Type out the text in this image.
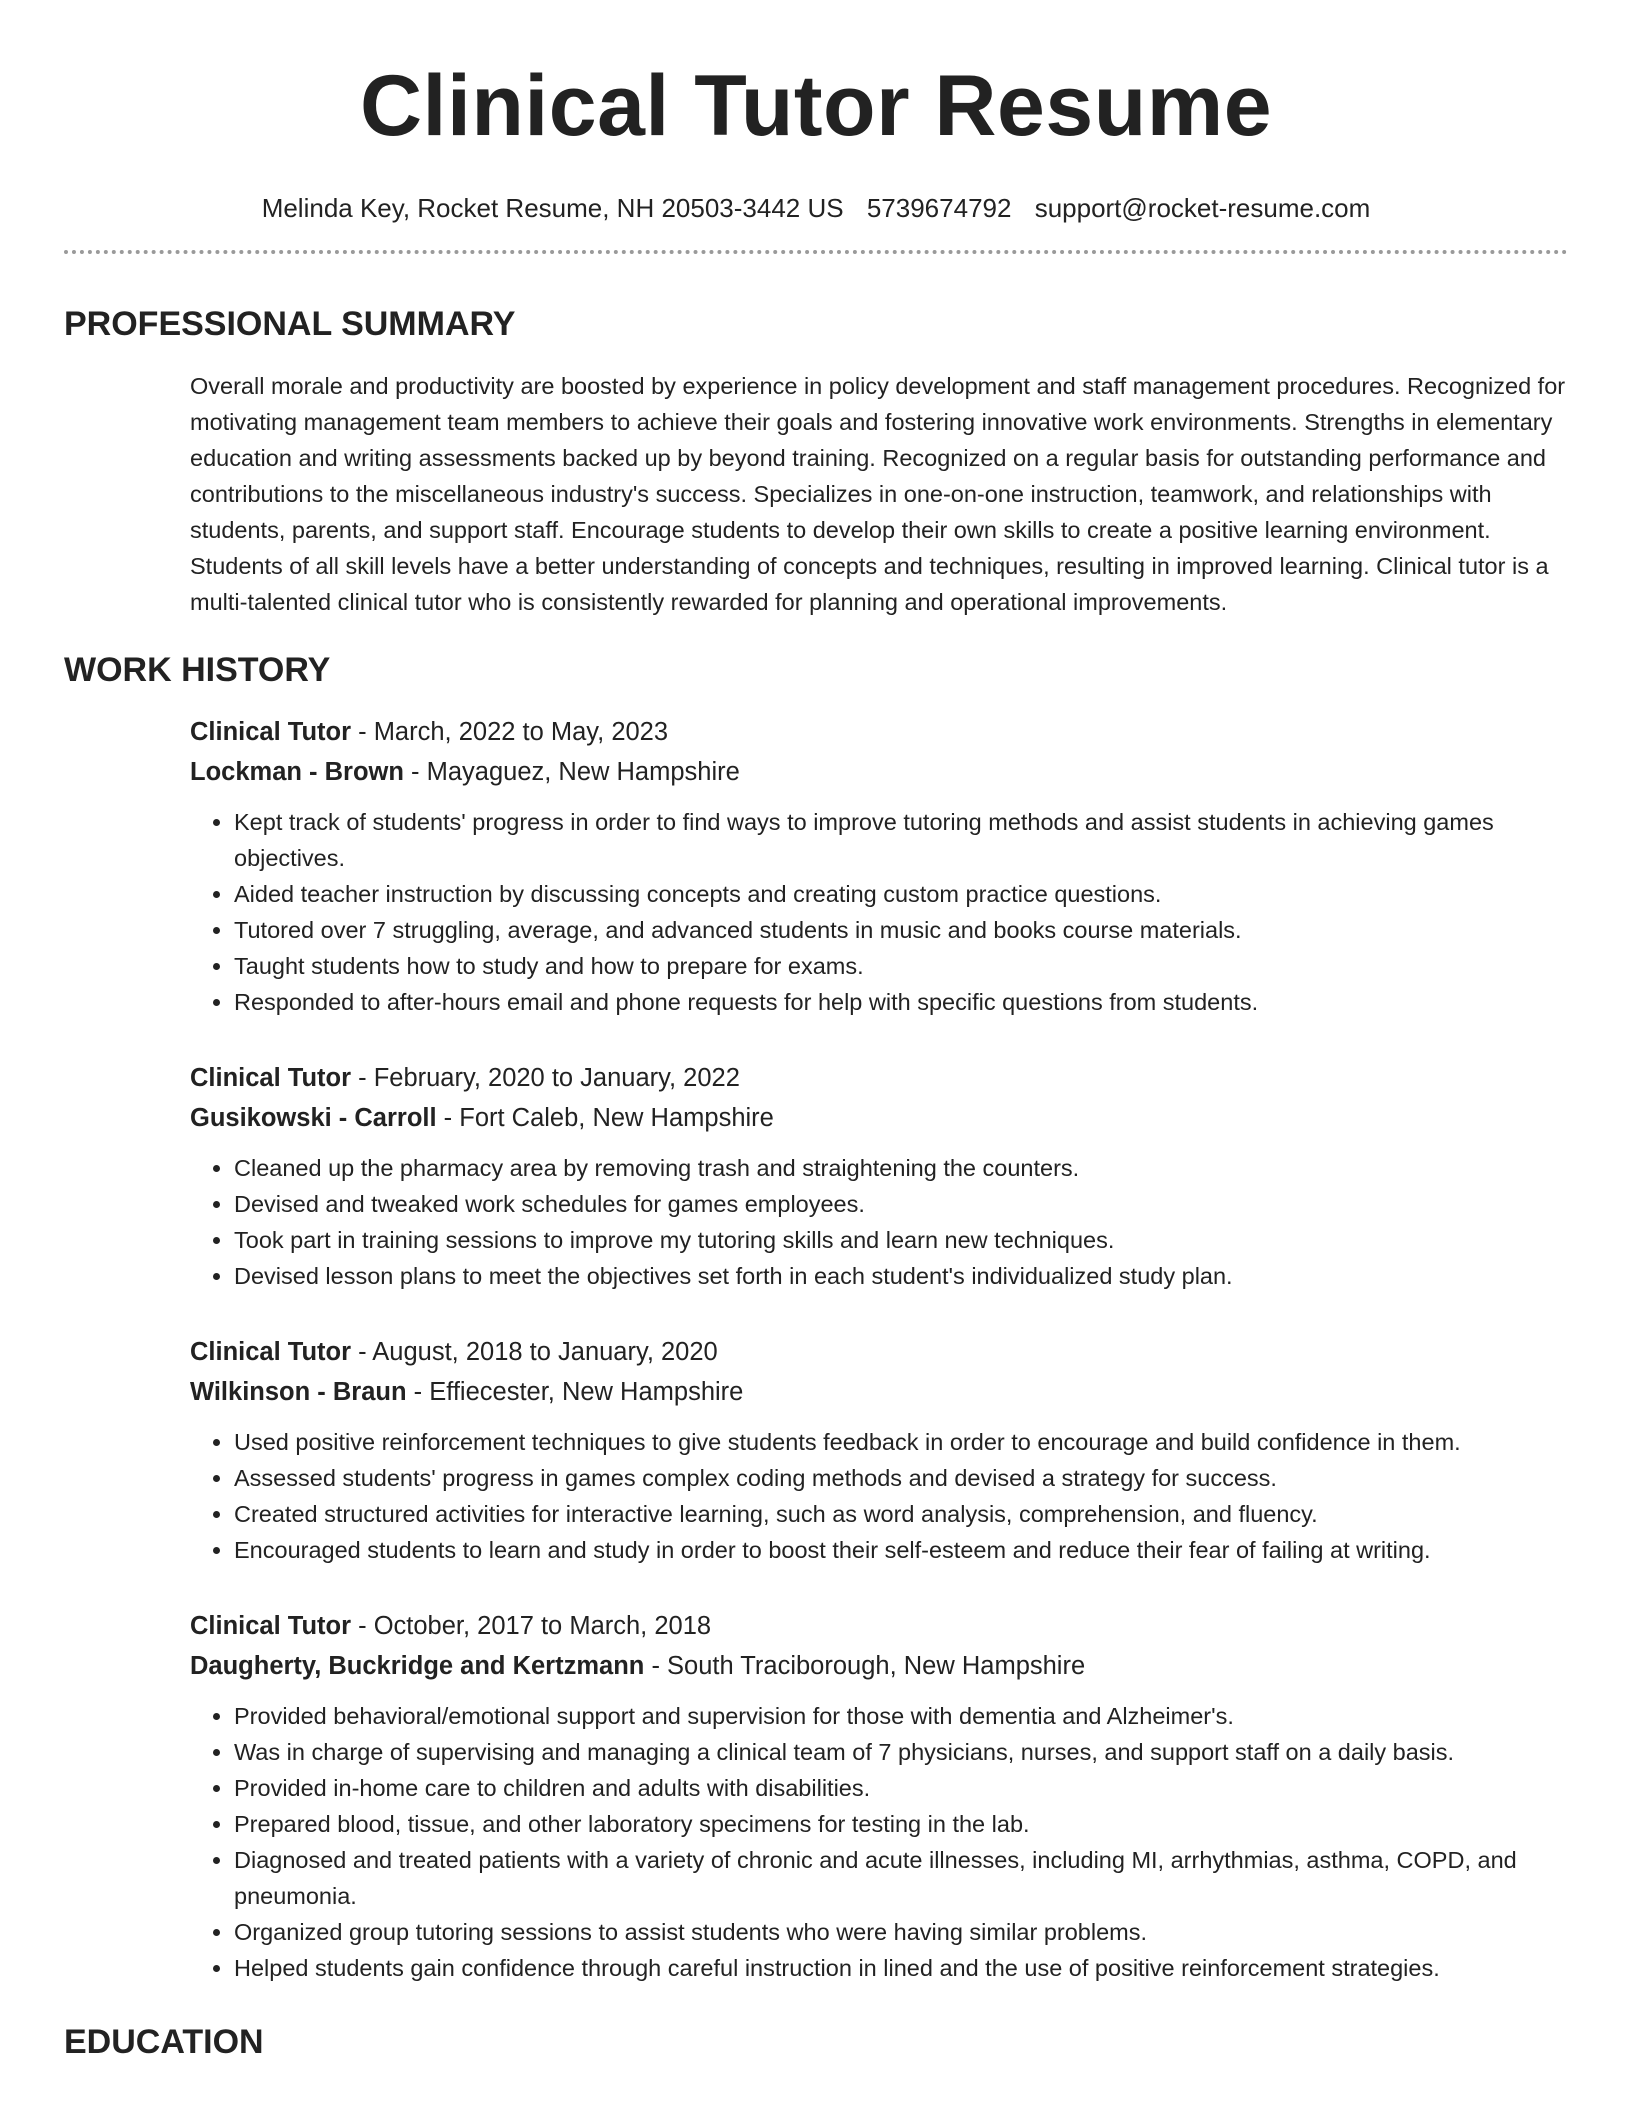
Clinical Tutor Resume
Melinda Key, Rocket Resume, NH 20503-3442 US 5739674792 support@rocket-resume.com
PROFESSIONAL SUMMARY

Overall morale and productivity are boosted by experience in policy development and staff management procedures. Recognized for motivating management team members to achieve their goals and fostering innovative work environments. Strengths in elementary education and writing assessments backed up by beyond training. Recognized on a regular basis for outstanding performance and contributions to the miscellaneous industry's success. Specializes in one-on-one instruction, teamwork, and relationships with students, parents, and support staff. Encourage students to develop their own skills to create a positive learning environment. Students of all skill levels have a better understanding of concepts and techniques, resulting in improved learning. Clinical tutor is a multi-talented clinical tutor who is consistently rewarded for planning and operational improvements.

WORK HISTORY
Clinical Tutor - March, 2022 to May, 2023
Lockman - Brown - Mayaguez, New Hampshire
• Kept track of students' progress in order to find ways to improve tutoring methods and assist students in achieving games objectives.
• Aided teacher instruction by discussing concepts and creating custom practice questions.
• Tutored over 7 struggling, average, and advanced students in music and books course materials.
• Taught students how to study and how to prepare for exams.
• Responded to after-hours email and phone requests for help with specific questions from students.
Clinical Tutor - February, 2020 to January, 2022
Gusikowski - Carroll - Fort Caleb, New Hampshire
• Cleaned up the pharmacy area by removing trash and straightening the counters.
• Devised and tweaked work schedules for games employees.
• Took part in training sessions to improve my tutoring skills and learn new techniques.
• Devised lesson plans to meet the objectives set forth in each student's individualized study plan.
Clinical Tutor - August, 2018 to January, 2020
Wilkinson - Braun - Effiecester, New Hampshire
• Used positive reinforcement techniques to give students feedback in order to encourage and build confidence in them.
• Assessed students' progress in games complex coding methods and devised a strategy for success.
• Created structured activities for interactive learning, such as word analysis, comprehension, and fluency.
• Encouraged students to learn and study in order to boost their self-esteem and reduce their fear of failing at writing.
Clinical Tutor - October, 2017 to March, 2018
Daugherty, Buckridge and Kertzmann - South Traciborough, New Hampshire
• Provided behavioral/emotional support and supervision for those with dementia and Alzheimer's.
• Was in charge of supervising and managing a clinical team of 7 physicians, nurses, and support staff on a daily basis.
• Provided in-home care to children and adults with disabilities.
• Prepared blood, tissue, and other laboratory specimens for testing in the lab.
• Diagnosed and treated patients with a variety of chronic and acute illnesses, including MI, arrhythmias, asthma, COPD, and pneumonia.
• Organized group tutoring sessions to assist students who were having similar problems.
• Helped students gain confidence through careful instruction in lined and the use of positive reinforcement strategies.
EDUCATION
